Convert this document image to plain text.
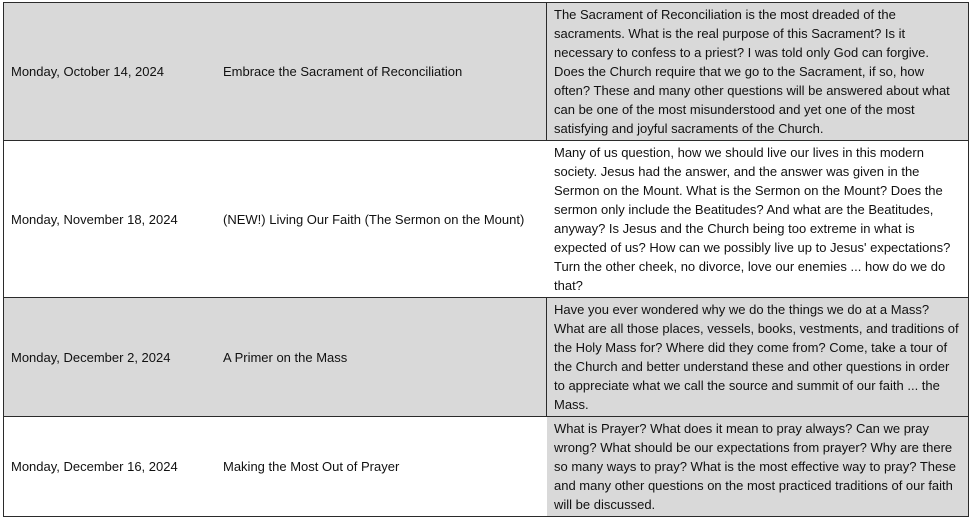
Monday, October 14, 2024	Embrace the Sacrament of Reconciliation	The Sacrament of Reconciliation is the most dreaded of the sacraments. What is the real purpose of this Sacrament? Is it necessary to confess to a priest? I was told only God can forgive. Does the Church require that we go to the Sacrament, if so, how often? These and many other questions will be answered about what can be one of the most misunderstood and yet one of the most satisfying and joyful sacraments of the Church.

Monday, November 18, 2024	(NEW!) Living Our Faith (The Sermon on the Mount)	Many of us question, how we should live our lives in this modern society. Jesus had the answer, and the answer was given in the Sermon on the Mount. What is the Sermon on the Mount? Does the sermon only include the Beatitudes? And what are the Beatitudes, anyway? Is Jesus and the Church being too extreme in what is expected of us? How can we possibly live up to Jesus' expectations? Turn the other cheek, no divorce, love our enemies ... how do we do that?

Monday, December 2, 2024	A Primer on the Mass	Have you ever wondered why we do the things we do at a Mass? What are all those places, vessels, books, vestments, and traditions of the Holy Mass for? Where did they come from? Come, take a tour of the Church and better understand these and other questions in order to appreciate what we call the source and summit of our faith ... the Mass.

Monday, December 16, 2024	Making the Most Out of Prayer	What is Prayer? What does it mean to pray always? Can we pray wrong? What should be our expectations from prayer? Why are there so many ways to pray? What is the most effective way to pray? These and many other questions on the most practiced traditions of our faith will be discussed.
